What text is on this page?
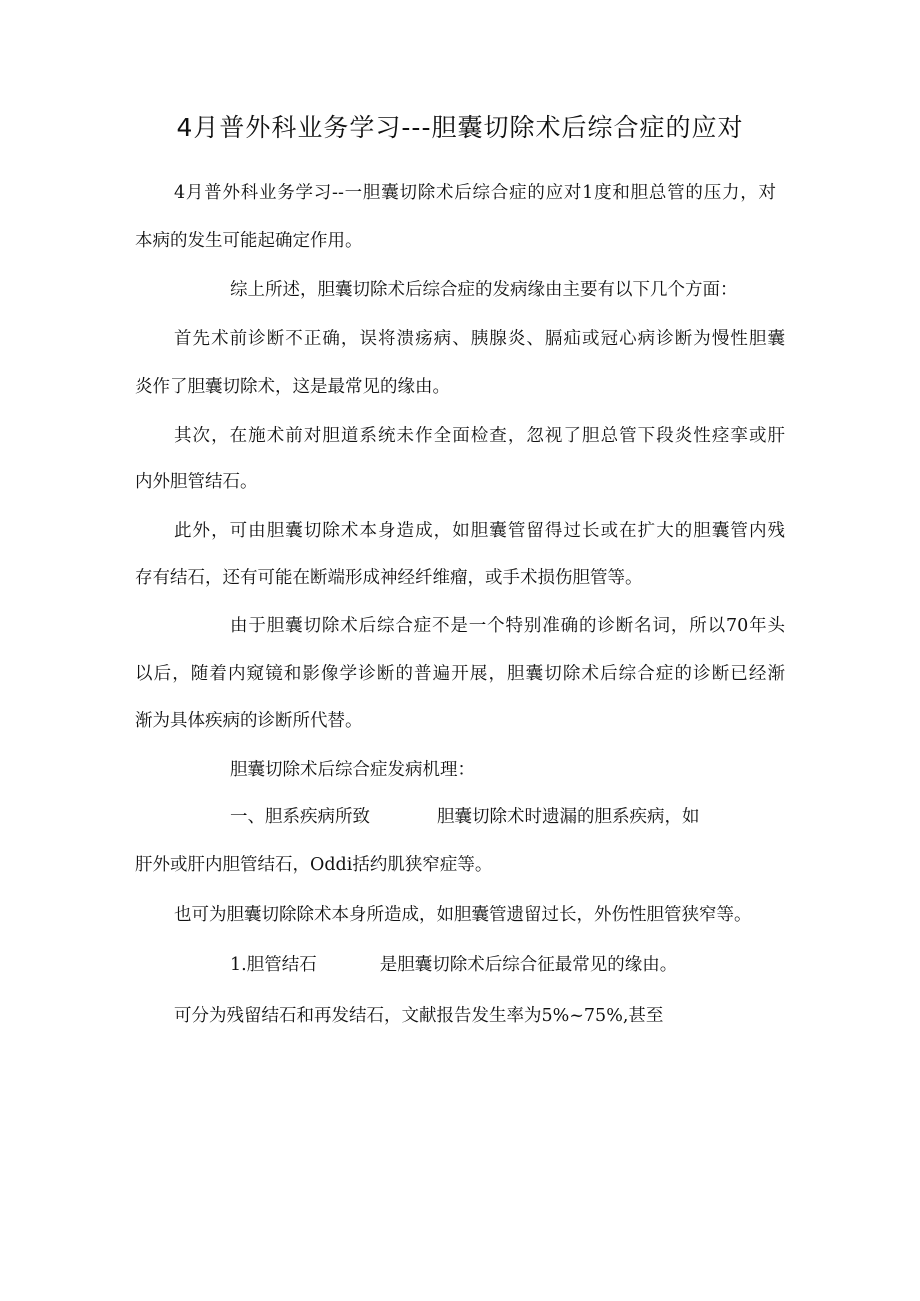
4月普外科业务学习---胆囊切除术后综合症的应对
4月普外科业务学习--一胆囊切除术后综合症的应对1度和胆总管的压力，对

本病的发生可能起确定作用。

综上所述，胆囊切除术后综合症的发病缘由主要有以下几个方面：

首先术前诊断不正确，误将溃疡病、胰腺炎、膈疝或冠心病诊断为慢性胆囊

炎作了胆囊切除术，这是最常见的缘由。

其次，在施术前对胆道系统未作全面检查，忽视了胆总管下段炎性痉挛或肝

内外胆管结石。

此外，可由胆囊切除术本身造成，如胆囊管留得过长或在扩大的胆囊管内残

存有结石，还有可能在断端形成神经纤维瘤，或手术损伤胆管等。

由于胆囊切除术后综合症不是一个特别准确的诊断名词，所以70年头
以后，随着内窥镜和影像学诊断的普遍开展，胆囊切除术后综合症的诊断已经渐

渐为具体疾病的诊断所代替。

胆囊切除术后综合症发病机理：

一、胆系疾病所致	胆囊切除术时遗漏的胆系疾病，如

肝外或肝内胆管结石，Oddi括约肌狭窄症等。

也可为胆囊切除除术本身所造成，如胆囊管遗留过长，外伤性胆管狭窄等。

1.胆管结石	是胆囊切除术后综合征最常见的缘由。

可分为残留结石和再发结石，文献报告发生率为5%~75%,甚至
